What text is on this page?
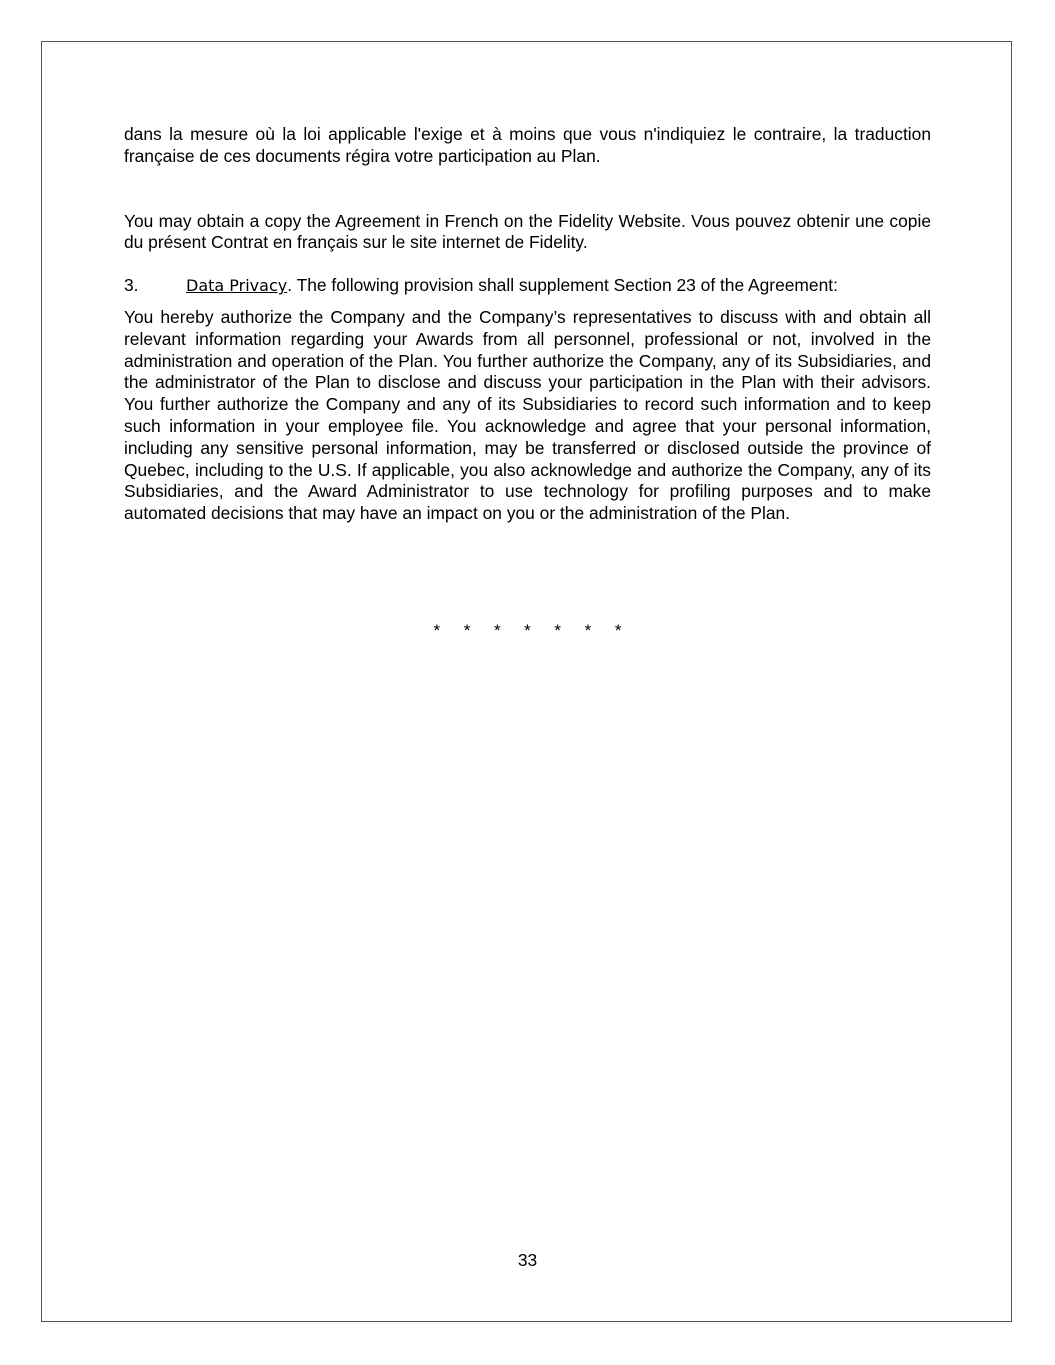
dans la mesure où la loi applicable l'exige et à moins que vous n'indiquiez le contraire, la traduction française de ces documents régira votre participation au Plan.

You may obtain a copy the Agreement in French on the Fidelity Website. Vous pouvez obtenir une copie du présent Contrat en français sur le site internet de Fidelity.

3.	Data Privacy. The following provision shall supplement Section 23 of the Agreement:

You hereby authorize the Company and the Company’s representatives to discuss with and obtain all relevant information regarding your Awards from all personnel, professional or not, involved in the administration and operation of the Plan. You further authorize the Company, any of its Subsidiaries, and the administrator of the Plan to disclose and discuss your participation in the Plan with their advisors. You further authorize the Company and any of its Subsidiaries to record such information and to keep such information in your employee file. You acknowledge and agree that your personal information, including any sensitive personal information, may be transferred or disclosed outside the province of Quebec, including to the U.S. If applicable, you also acknowledge and authorize the Company, any of its Subsidiaries, and the Award Administrator to use technology for profiling purposes and to make automated decisions that may have an impact on you or the administration of the Plan.

*     *     *     *     *     *     *
33
